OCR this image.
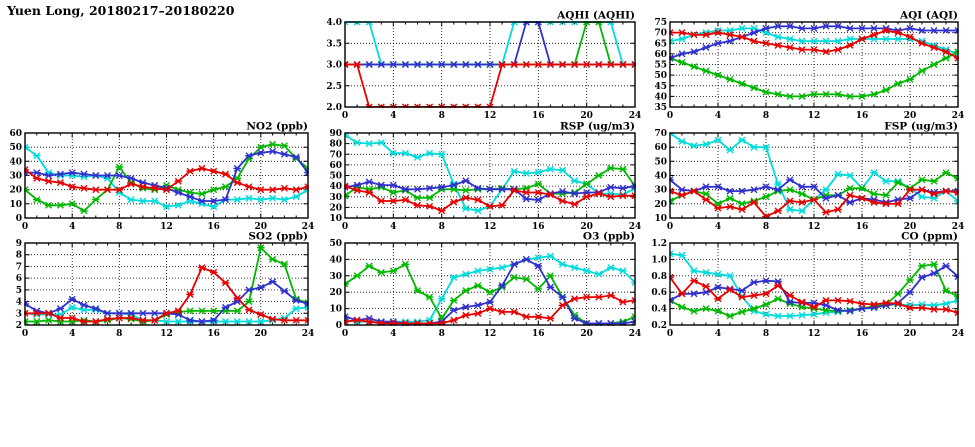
Yuen Long, 20180217–20180220
0	4	8	12	16	20	24
2.0
2.5
3.0
3.5
4.0
AQHI (AQHI)
0	4	8	12	16	20	24
35
40
45
50
55
60
65
70
75
AQI (AQI)
0	4	8	12	16	20	24
0
10
20
30
40
50
60
NO2 (ppb)
0	4	8	12	16	20	24
10
20
30
40
50
60
70
80
90
RSP (ug/m3)
0	4	8	12	16	20	24
10
20
30
40
50
60
70
FSP (ug/m3)
0	4	8	12	16	20	24
2
3
4
5
6
7
8
9
SO2 (ppb)
0	4	8	12	16	20	24
0
10
20
30
40
50
O3 (ppb)
0	4	8	12	16	20	24
0.2
0.4
0.6
0.8
1.0
1.2
CO (ppm)
